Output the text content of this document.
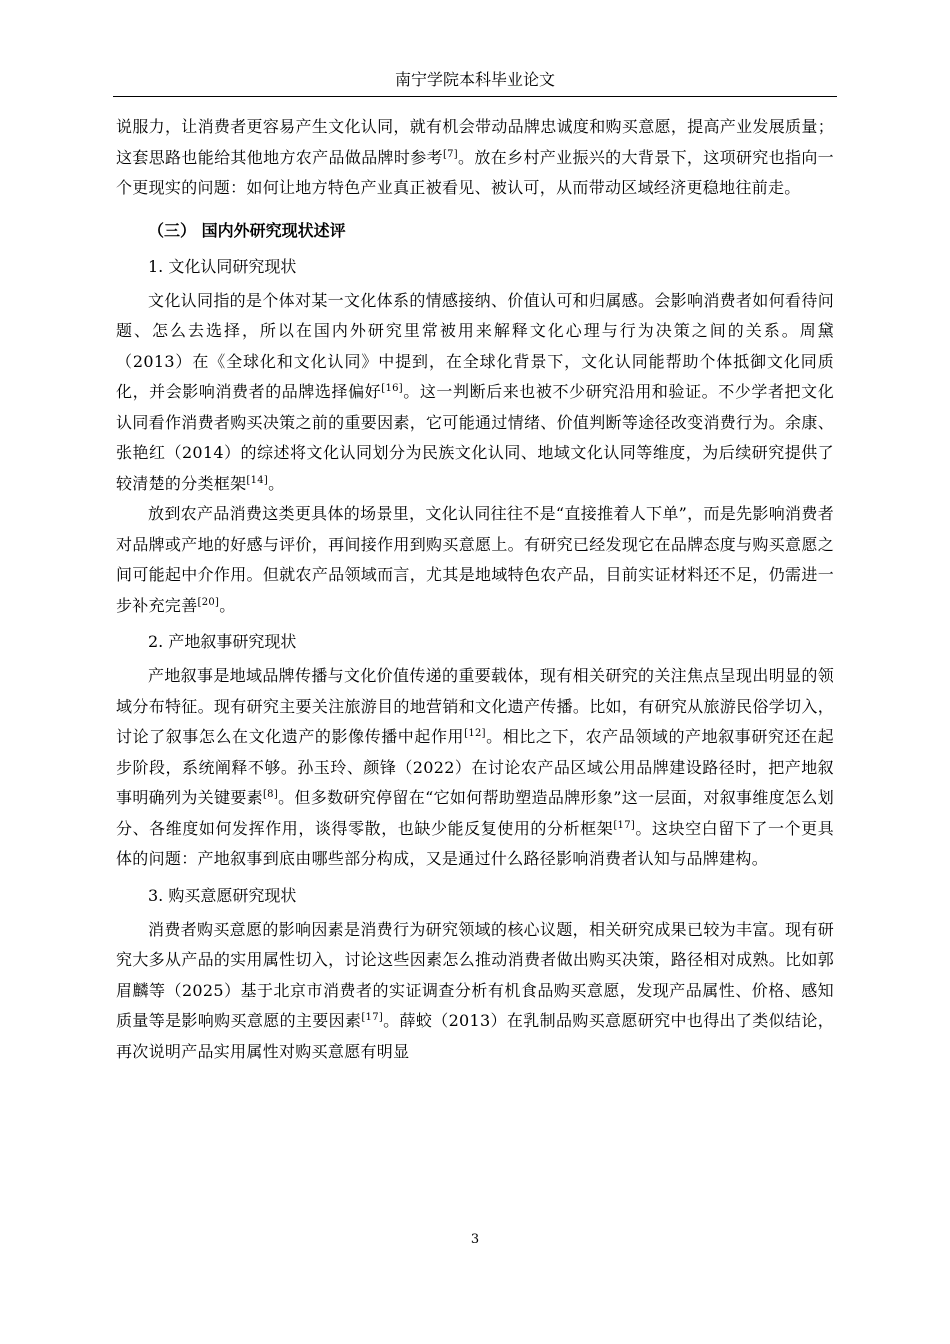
南宁学院本科毕业论文

说服力，让消费者更容易产生文化认同，就有机会带动品牌忠诚度和购买意愿，提高产业发展质量；这套思路也能给其他地方农产品做品牌时参考[7]。放在乡村产业振兴的大背景下，这项研究也指向一个更现实的问题：如何让地方特色产业真正被看见、被认可，从而带动区域经济更稳地往前走。

（三） 国内外研究现状述评
1. 文化认同研究现状

文化认同指的是个体对某一文化体系的情感接纳、价值认可和归属感。会影响消费者如何看待问题、怎么去选择，所以在国内外研究里常被用来解释文化心理与行为决策之间的关系。周黛（2013）在《全球化和文化认同》中提到，在全球化背景下，文化认同能帮助个体抵御文化同质化，并会影响消费者的品牌选择偏好[16]。这一判断后来也被不少研究沿用和验证。不少学者把文化认同看作消费者购买决策之前的重要因素，它可能通过情绪、价值判断等途径改变消费行为。余康、张艳红（2014）的综述将文化认同划分为民族文化认同、地域文化认同等维度，为后续研究提供了较清楚的分类框架[14]。

放到农产品消费这类更具体的场景里，文化认同往往不是“直接推着人下单”，而是先影响消费者对品牌或产地的好感与评价，再间接作用到购买意愿上。有研究已经发现它在品牌态度与购买意愿之间可能起中介作用。但就农产品领域而言，尤其是地域特色农产品，目前实证材料还不足，仍需进一步补充完善[20]。

2. 产地叙事研究现状

产地叙事是地域品牌传播与文化价值传递的重要载体，现有相关研究的关注焦点呈现出明显的领域分布特征。现有研究主要关注旅游目的地营销和文化遗产传播。比如，有研究从旅游民俗学切入，讨论了叙事怎么在文化遗产的影像传播中起作用[12]。相比之下，农产品领域的产地叙事研究还在起步阶段，系统阐释不够。孙玉玲、颜锋（2022）在讨论农产品区域公用品牌建设路径时，把产地叙事明确列为关键要素[8]。但多数研究停留在“它如何帮助塑造品牌形象”这一层面，对叙事维度怎么划分、各维度如何发挥作用，谈得零散，也缺少能反复使用的分析框架[17]。这块空白留下了一个更具体的问题：产地叙事到底由哪些部分构成，又是通过什么路径影响消费者认知与品牌建构。

3. 购买意愿研究现状

消费者购买意愿的影响因素是消费行为研究领域的核心议题，相关研究成果已较为丰富。现有研究大多从产品的实用属性切入，讨论这些因素怎么推动消费者做出购买决策，路径相对成熟。比如郭眉麟等（2025）基于北京市消费者的实证调查分析有机食品购买意愿，发现产品属性、价格、感知质量等是影响购买意愿的主要因素[17]。薛蛟（2013）在乳制品购买意愿研究中也得出了类似结论，再次说明产品实用属性对购买意愿有明显

3
